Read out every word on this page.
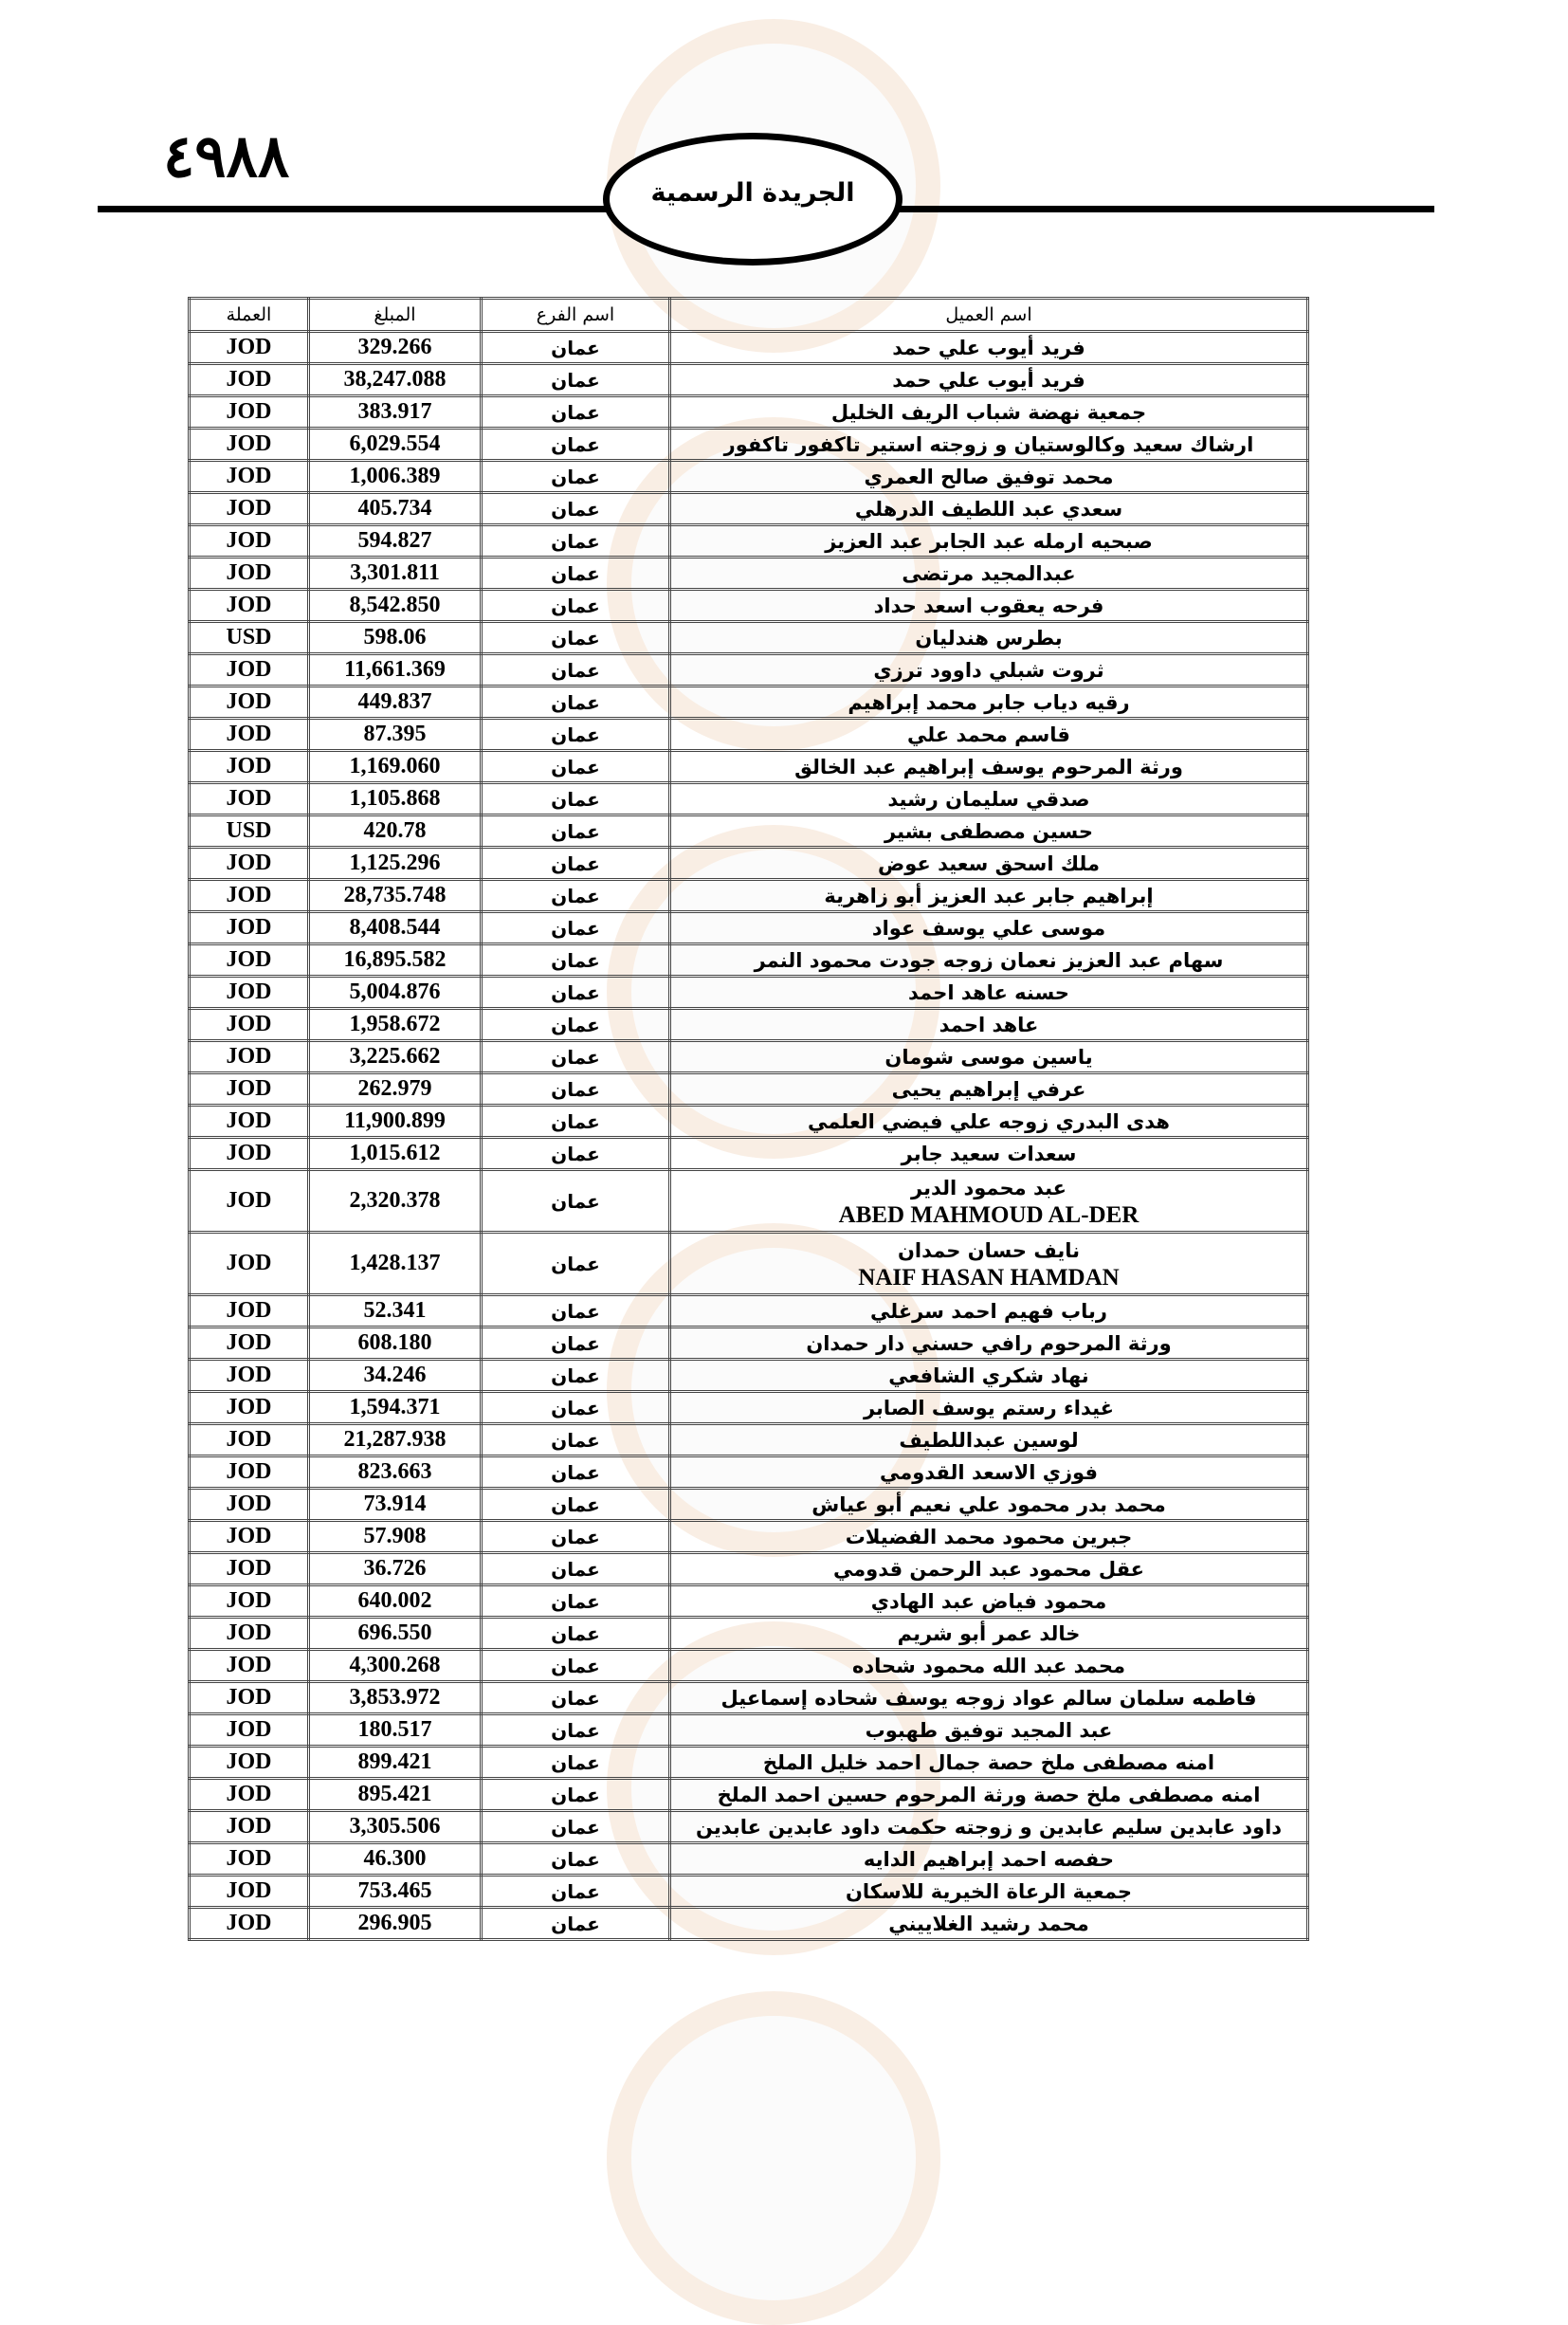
٤٩٨٨
الجريدة الرسمية
اسم العميل	اسم الفرع	المبلغ	العملة

فريد أيوب علي حمد	عمان	329.266	JOD

فريد أيوب علي حمد	عمان	38,247.088	JOD

جمعية نهضة شباب الريف الخليل	عمان	383.917	JOD

ارشاك سعيد وكالوستيان و زوجته استير تاكفور تاكفور	عمان	6,029.554	JOD

محمد توفيق صالح العمري	عمان	1,006.389	JOD

سعدي عبد اللطيف الدرهلي	عمان	405.734	JOD

صبحيه ارمله عبد الجابر عبد العزيز	عمان	594.827	JOD

عبدالمجيد مرتضى	عمان	3,301.811	JOD

فرحه يعقوب اسعد حداد	عمان	8,542.850	JOD

بطرس هندليان	عمان	598.06	USD

ثروت شبلي داوود ترزي	عمان	11,661.369	JOD

رقيه دياب جابر محمد إبراهيم	عمان	449.837	JOD

قاسم محمد علي	عمان	87.395	JOD

ورثة المرحوم يوسف إبراهيم عبد الخالق	عمان	1,169.060	JOD

صدقي سليمان رشيد	عمان	1,105.868	JOD

حسين مصطفى بشير	عمان	420.78	USD

ملك اسحق سعيد عوض	عمان	1,125.296	JOD

إبراهيم جابر عبد العزيز أبو زاهرية	عمان	28,735.748	JOD

موسى علي يوسف عواد	عمان	8,408.544	JOD

سهام عبد العزيز نعمان زوجه جودت محمود النمر	عمان	16,895.582	JOD

حسنه عاهد احمد	عمان	5,004.876	JOD

عاهد احمد	عمان	1,958.672	JOD

ياسين موسى شومان	عمان	3,225.662	JOD

عرفي إبراهيم يحيى	عمان	262.979	JOD

هدى البدري زوجه علي فيضي العلمي	عمان	11,900.899	JOD

سعدات سعيد جابر	عمان	1,015.612	JOD

عبد محمود الدير
ABED MAHMOUD AL-DER	عمان	2,320.378	JOD

نايف حسان حمدان
NAIF HASAN HAMDAN	عمان	1,428.137	JOD

رباب فهيم احمد سرغلي	عمان	52.341	JOD

ورثة المرحوم رافي حسني دار حمدان	عمان	608.180	JOD

نهاد شكري الشافعي	عمان	34.246	JOD

غيداء رستم يوسف الصابر	عمان	1,594.371	JOD

لوسين عبداللطيف	عمان	21,287.938	JOD

فوزي الاسعد القدومي	عمان	823.663	JOD

محمد بدر محمود علي نعيم أبو عياش	عمان	73.914	JOD

جبرين محمود محمد الفضيلات	عمان	57.908	JOD

عقل محمود عبد الرحمن قدومي	عمان	36.726	JOD

محمود فياض عبد الهادي	عمان	640.002	JOD

خالد عمر أبو شريم	عمان	696.550	JOD

محمد عبد الله محمود شحاده	عمان	4,300.268	JOD

فاطمه سلمان سالم عواد زوجه يوسف شحاده إسماعيل	عمان	3,853.972	JOD

عبد المجيد توفيق طهبوب	عمان	180.517	JOD

امنه مصطفى ملخ حصة جمال احمد خليل الملخ	عمان	899.421	JOD

امنه مصطفى ملخ حصة ورثة المرحوم حسين احمد الملخ	عمان	895.421	JOD

داود عابدين سليم عابدين و زوجته حكمت داود عابدين عابدين	عمان	3,305.506	JOD

حفصه احمد إبراهيم الدايه	عمان	46.300	JOD

جمعية الرعاة الخيرية للاسكان	عمان	753.465	JOD

محمد رشيد الغلاييني	عمان	296.905	JOD
